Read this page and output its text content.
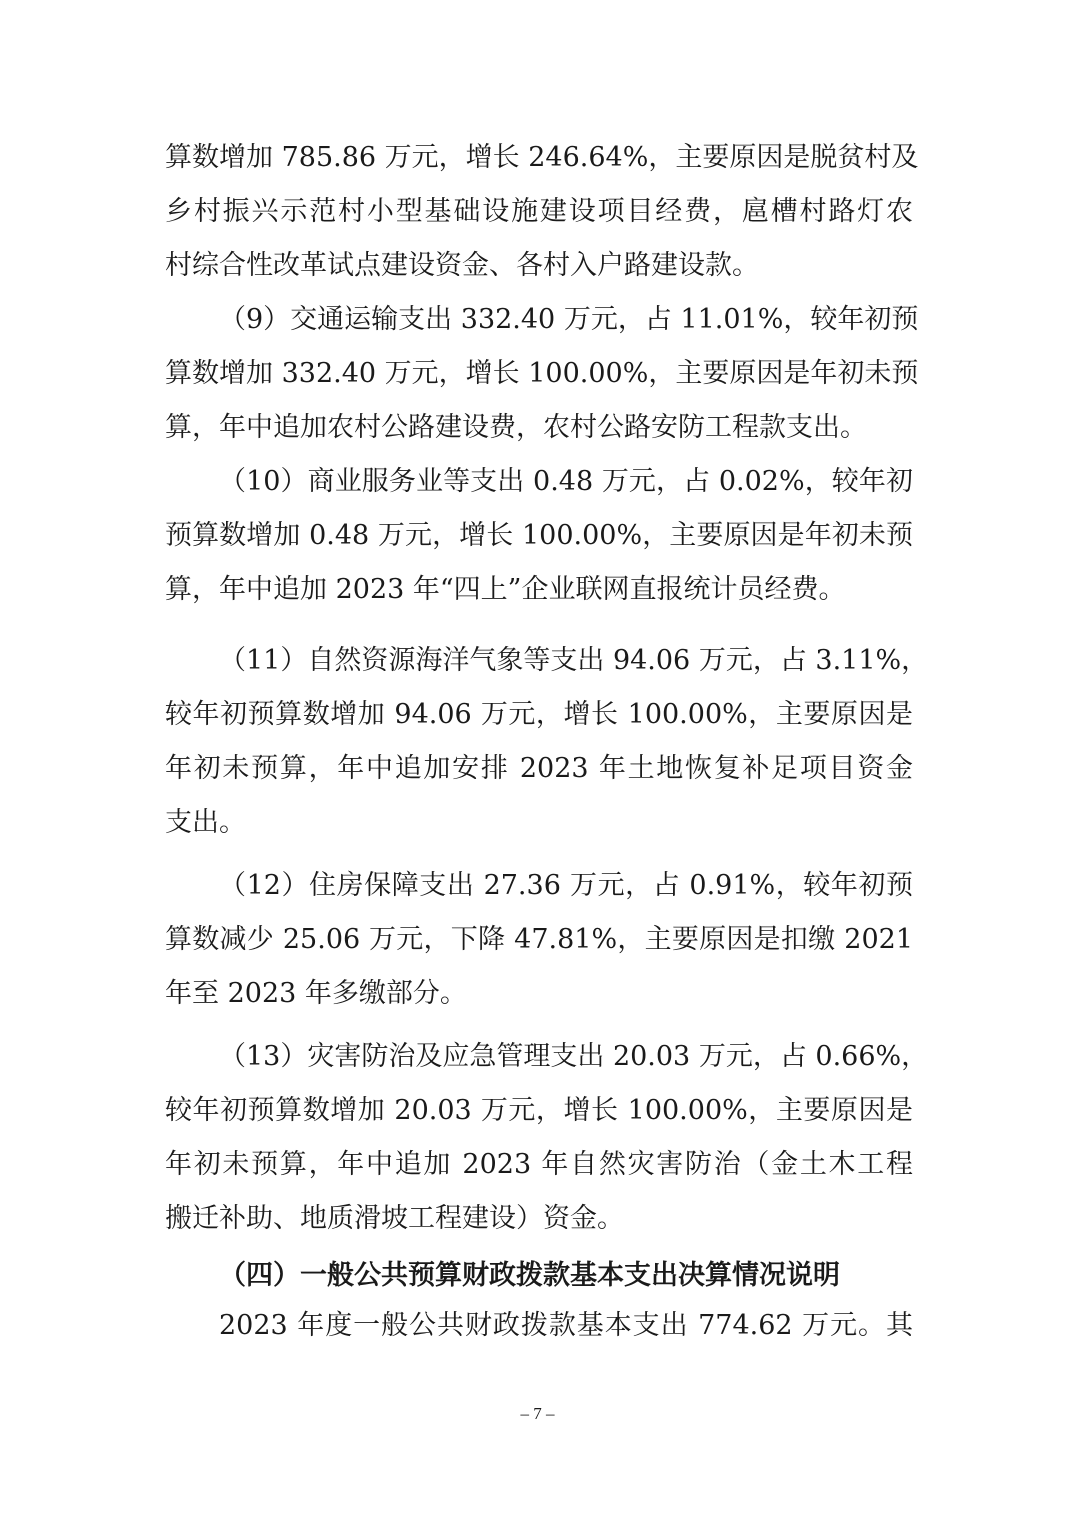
算数增加 785.86 万元，增长 246.64%，主要原因是脱贫村及
乡村振兴示范村小型基础设施建设项目经费，扈槽村路灯农
村综合性改革试点建设资金、各村入户路建设款。
（9）交通运输支出 332.40 万元，占 11.01%，较年初预
算数增加 332.40 万元，增长 100.00%，主要原因是年初未预
算，年中追加农村公路建设费，农村公路安防工程款支出。
（10）商业服务业等支出 0.48 万元，占 0.02%，较年初
预算数增加 0.48 万元，增长 100.00%，主要原因是年初未预
算，年中追加 2023 年“四上”企业联网直报统计员经费。
（11）自然资源海洋气象等支出 94.06 万元，占 3.11%，
较年初预算数增加 94.06 万元，增长 100.00%，主要原因是
年初未预算，年中追加安排 2023 年土地恢复补足项目资金
支出。
（12）住房保障支出 27.36 万元，占 0.91%，较年初预
算数减少 25.06 万元，下降 47.81%，主要原因是扣缴 2021
年至 2023 年多缴部分。
（13）灾害防治及应急管理支出 20.03 万元，占 0.66%，
较年初预算数增加 20.03 万元，增长 100.00%，主要原因是
年初未预算，年中追加 2023 年自然灾害防治（金土木工程
搬迁补助、地质滑坡工程建设）资金。
（四）一般公共预算财政拨款基本支出决算情况说明
2023 年度一般公共财政拨款基本支出 774.62 万元。其
– 7 –
